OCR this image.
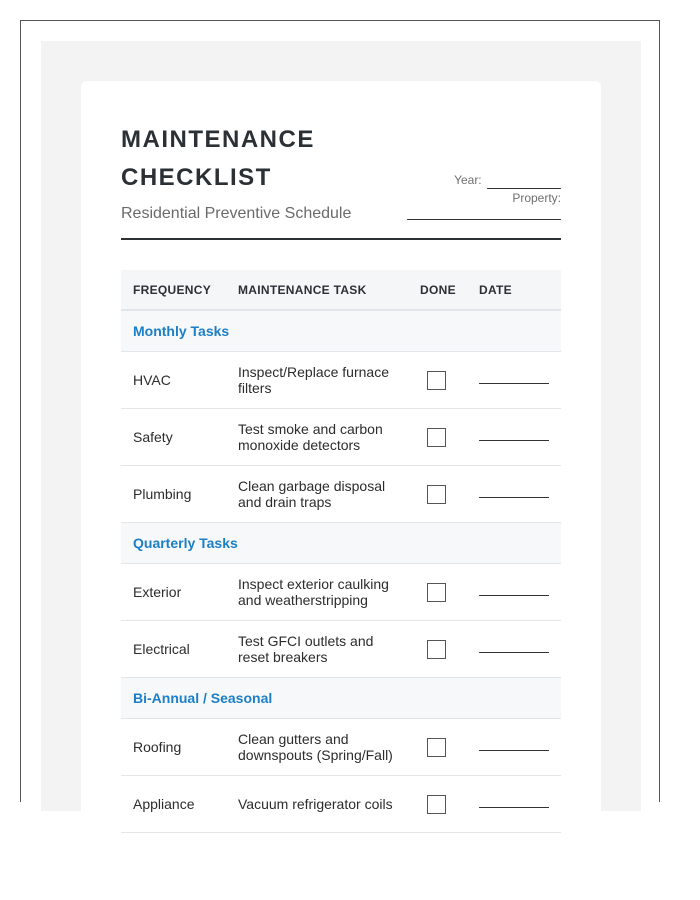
MAINTENANCE
CHECKLIST
Residential Preventive Schedule
Year:
Property:
FREQUENCY	MAINTENANCE TASK	DONE	DATE
Monthly Tasks			
HVAC	Inspect/Replace furnace filters	

Safety	Test smoke and carbon monoxide detectors	

Plumbing	Clean garbage disposal and drain traps	

Quarterly Tasks			
Exterior	Inspect exterior caulking and weatherstripping	

Electrical	Test GFCI outlets and reset breakers	

Bi-Annual / Seasonal			
Roofing	Clean gutters and downspouts (Spring/Fall)	

Appliance	Vacuum refrigerator coils	
